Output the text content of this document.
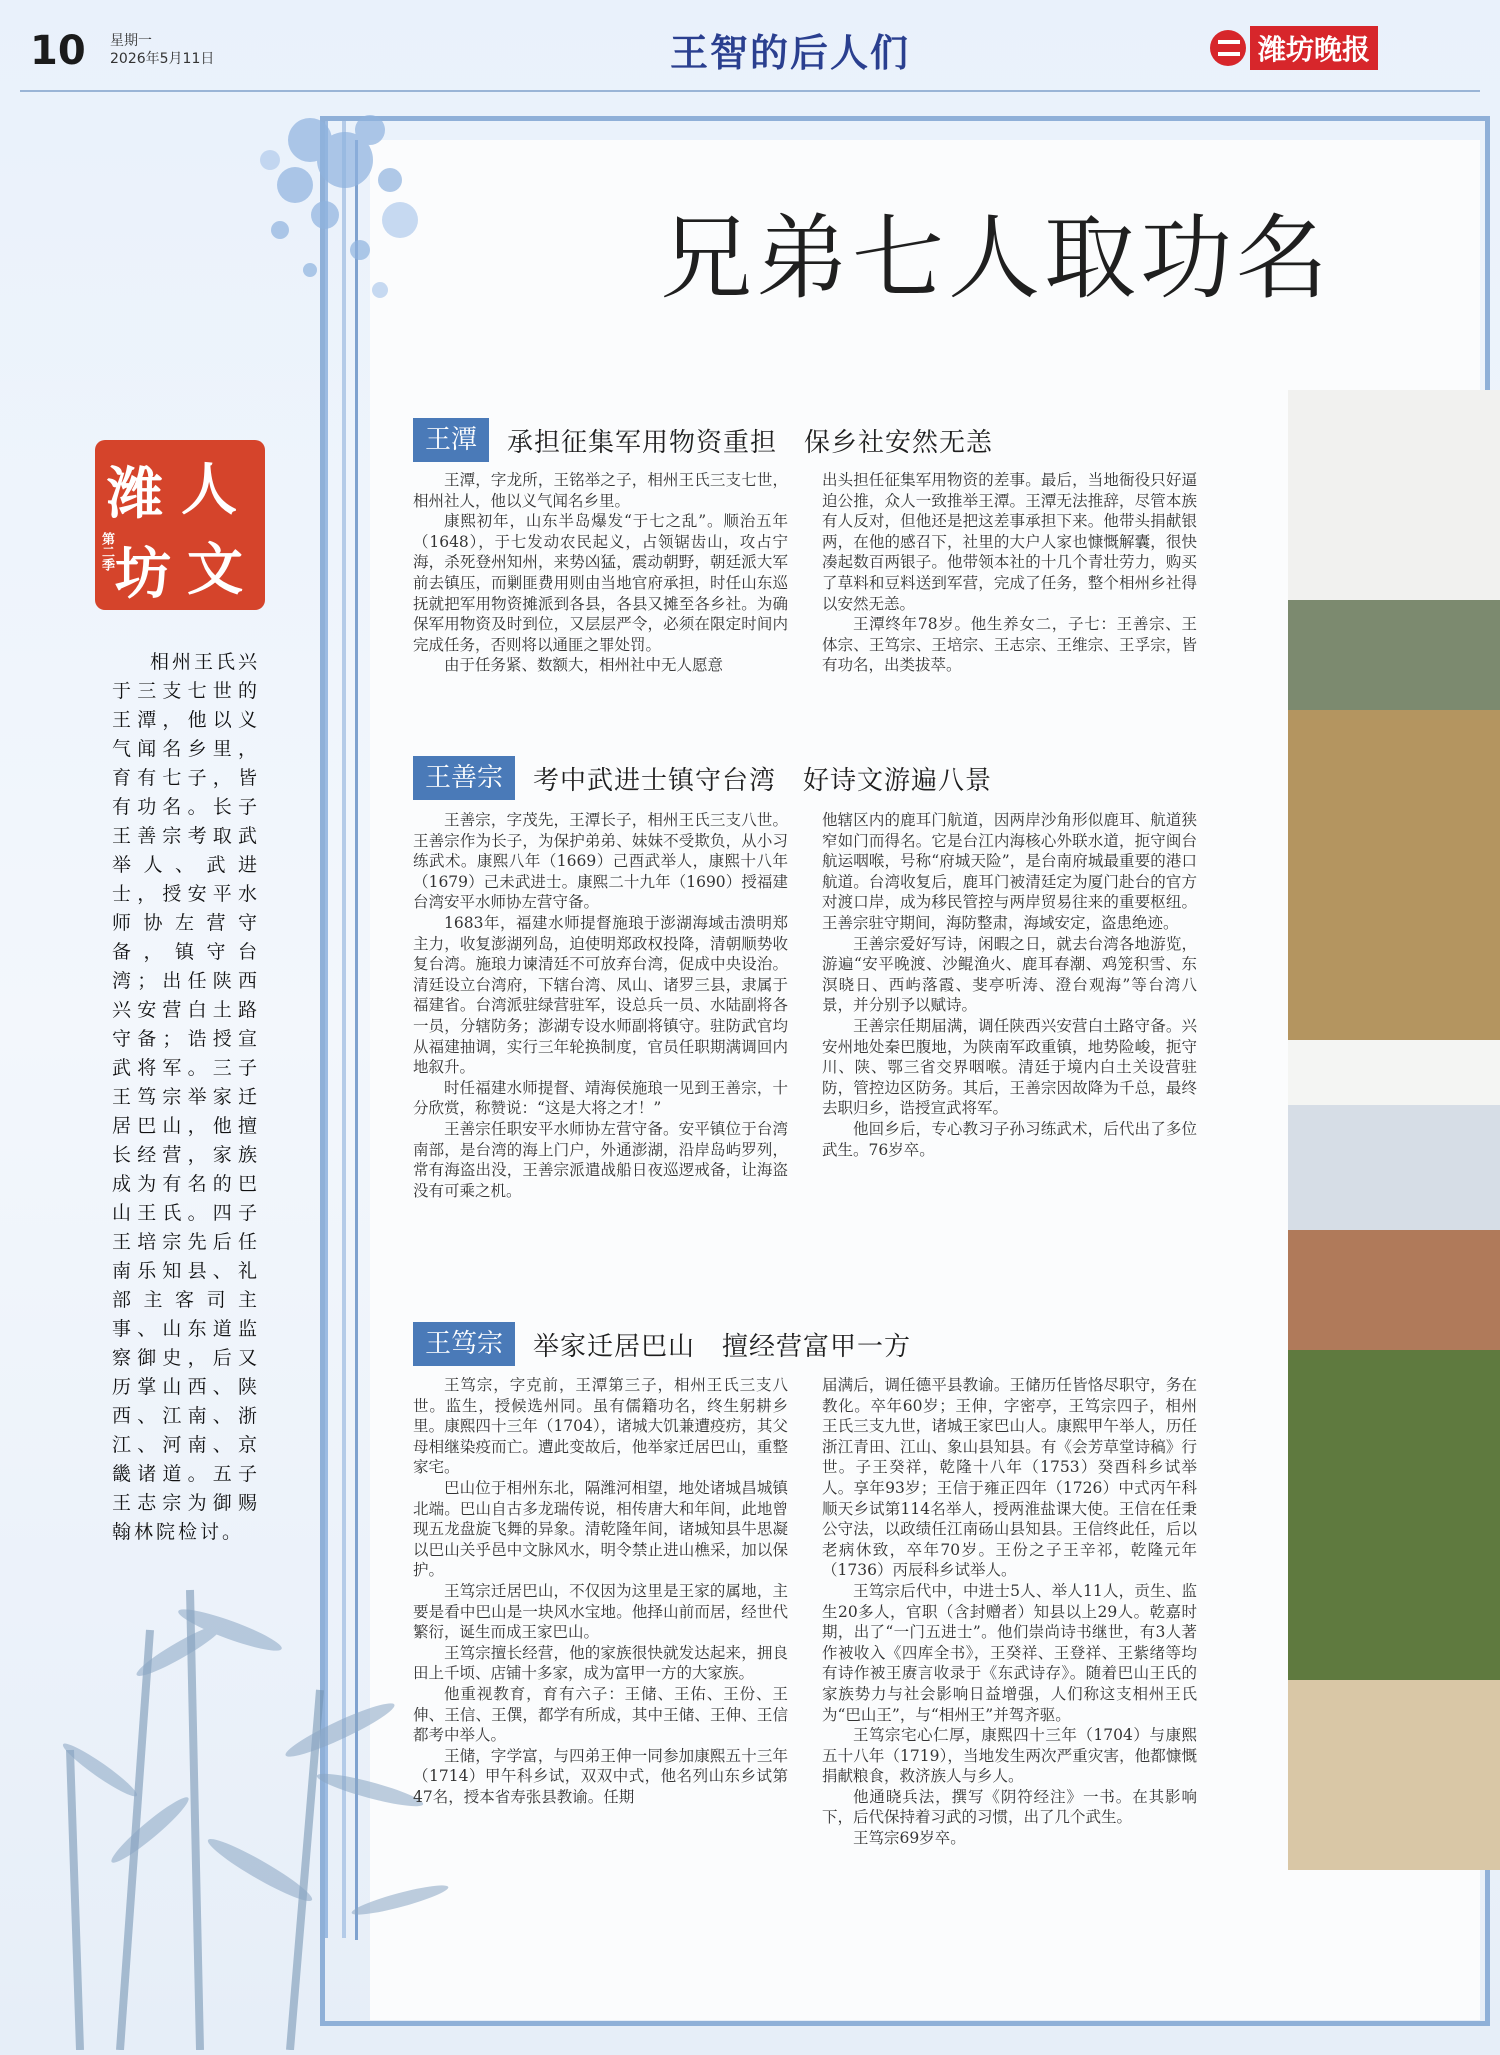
10 星期一
2026年5月11日	王智的后人们	潍坊晚报
兄弟七人取功名
潍 人
坊 文
第二季
相州王氏兴于三支七世的王潭，他以义气闻名乡里，育有七子，皆有功名。长子王善宗考取武举人、武进士，授安平水师协左营守备，镇守台湾；出任陕西兴安营白土路守备；诰授宣武将军。三子王笃宗举家迁居巴山，他擅长经营，家族成为有名的巴山王氏。四子王培宗先后任南乐知县、礼部主客司主事、山东道监察御史，后又历掌山西、陕西、江南、浙江、河南、京畿诸道。五子王志宗为御赐翰林院检讨。
王潭	承担征集军用物资重担　保乡社安然无恙

王潭，字龙所，王铭举之子，相州王氏三支七世，相州社人，他以义气闻名乡里。

康熙初年，山东半岛爆发“于七之乱”。顺治五年（1648），于七发动农民起义，占领锯齿山，攻占宁海，杀死登州知州，来势凶猛，震动朝野，朝廷派大军前去镇压，而剿匪费用则由当地官府承担，时任山东巡抚就把军用物资摊派到各县，各县又摊至各乡社。为确保军用物资及时到位，又层层严令，必须在限定时间内完成任务，否则将以通匪之罪处罚。

由于任务紧、数额大，相州社中无人愿意

出头担任征集军用物资的差事。最后，当地衙役只好逼迫公推，众人一致推举王潭。王潭无法推辞，尽管本族有人反对，但他还是把这差事承担下来。他带头捐献银两，在他的感召下，社里的大户人家也慷慨解囊，很快凑起数百两银子。他带领本社的十几个青壮劳力，购买了草料和豆料送到军营，完成了任务，整个相州乡社得以安然无恙。

王潭终年78岁。他生养女二，子七：王善宗、王体宗、王笃宗、王培宗、王志宗、王维宗、王孚宗，皆有功名，出类拔萃。

王善宗	考中武进士镇守台湾　好诗文游遍八景

王善宗，字茂先，王潭长子，相州王氏三支八世。王善宗作为长子，为保护弟弟、妹妹不受欺负，从小习练武术。康熙八年（1669）己酉武举人，康熙十八年（1679）己未武进士。康熙二十九年（1690）授福建台湾安平水师协左营守备。

1683年，福建水师提督施琅于澎湖海域击溃明郑主力，收复澎湖列岛，迫使明郑政权投降，清朝顺势收复台湾。施琅力谏清廷不可放弃台湾，促成中央设治。清廷设立台湾府，下辖台湾、凤山、诸罗三县，隶属于福建省。台湾派驻绿营驻军，设总兵一员、水陆副将各一员，分辖防务；澎湖专设水师副将镇守。驻防武官均从福建抽调，实行三年轮换制度，官员任职期满调回内地叙升。

时任福建水师提督、靖海侯施琅一见到王善宗，十分欣赏，称赞说：“这是大将之才！”

王善宗任职安平水师协左营守备。安平镇位于台湾南部，是台湾的海上门户，外通澎湖，沿岸岛屿罗列，常有海盗出没，王善宗派遣战船日夜巡逻戒备，让海盗没有可乘之机。

他辖区内的鹿耳门航道，因两岸沙角形似鹿耳、航道狭窄如门而得名。它是台江内海核心外联水道，扼守闽台航运咽喉，号称“府城天险”，是台南府城最重要的港口航道。台湾收复后，鹿耳门被清廷定为厦门赴台的官方对渡口岸，成为移民管控与两岸贸易往来的重要枢纽。王善宗驻守期间，海防整肃，海域安定，盗患绝迹。

王善宗爱好写诗，闲暇之日，就去台湾各地游览，游遍“安平晚渡、沙鲲渔火、鹿耳春潮、鸡笼积雪、东溟晓日、西屿落霞、斐亭听涛、澄台观海”等台湾八景，并分别予以赋诗。

王善宗任期届满，调任陕西兴安营白土路守备。兴安州地处秦巴腹地，为陕南军政重镇，地势险峻，扼守川、陕、鄂三省交界咽喉。清廷于境内白土关设营驻防，管控边区防务。其后，王善宗因故降为千总，最终去职归乡，诰授宣武将军。

他回乡后，专心教习子孙习练武术，后代出了多位武生。76岁卒。

王笃宗	举家迁居巴山　擅经营富甲一方

王笃宗，字克前，王潭第三子，相州王氏三支八世。监生，授候选州同。虽有儒籍功名，终生躬耕乡里。康熙四十三年（1704），诸城大饥兼遭疫疠，其父母相继染疫而亡。遭此变故后，他举家迁居巴山，重整家宅。

巴山位于相州东北，隔潍河相望，地处诸城昌城镇北端。巴山自古多龙瑞传说，相传唐大和年间，此地曾现五龙盘旋飞舞的异象。清乾隆年间，诸城知县牛思凝以巴山关乎邑中文脉风水，明令禁止进山樵采，加以保护。

王笃宗迁居巴山，不仅因为这里是王家的属地，主要是看中巴山是一块风水宝地。他择山前而居，经世代繁衍，诞生而成王家巴山。

王笃宗擅长经营，他的家族很快就发达起来，拥良田上千顷、店铺十多家，成为富甲一方的大家族。

他重视教育，育有六子：王储、王佑、王份、王伸、王信、王僎，都学有所成，其中王储、王伸、王信都考中举人。

王储，字学富，与四弟王伸一同参加康熙五十三年（1714）甲午科乡试，双双中式，他名列山东乡试第47名，授本省寿张县教谕。任期

届满后，调任德平县教谕。王储历任皆恪尽职守，务在教化。卒年60岁；王伸，字密亭，王笃宗四子，相州王氏三支九世，诸城王家巴山人。康熙甲午举人，历任浙江青田、江山、象山县知县。有《会芳草堂诗稿》行世。子王癸祥，乾隆十八年（1753）癸酉科乡试举人。享年93岁；王信于雍正四年（1726）中式丙午科顺天乡试第114名举人，授两淮盐课大使。王信在任秉公守法，以政绩任江南砀山县知县。王信终此任，后以老病休致，卒年70岁。王份之子王辛祁，乾隆元年（1736）丙辰科乡试举人。

王笃宗后代中，中进士5人、举人11人，贡生、监生20多人，官职（含封赠者）知县以上29人。乾嘉时期，出了“一门五进士”。他们崇尚诗书继世，有3人著作被收入《四库全书》，王癸祥、王登祥、王紫绪等均有诗作被王赓言收录于《东武诗存》。随着巴山王氏的家族势力与社会影响日益增强，人们称这支相州王氏为“巴山王”，与“相州王”并驾齐驱。

王笃宗宅心仁厚，康熙四十三年（1704）与康熙五十八年（1719），当地发生两次严重灾害，他都慷慨捐献粮食，救济族人与乡人。

他通晓兵法，撰写《阴符经注》一书。在其影响下，后代保持着习武的习惯，出了几个武生。

王笃宗69岁卒。
